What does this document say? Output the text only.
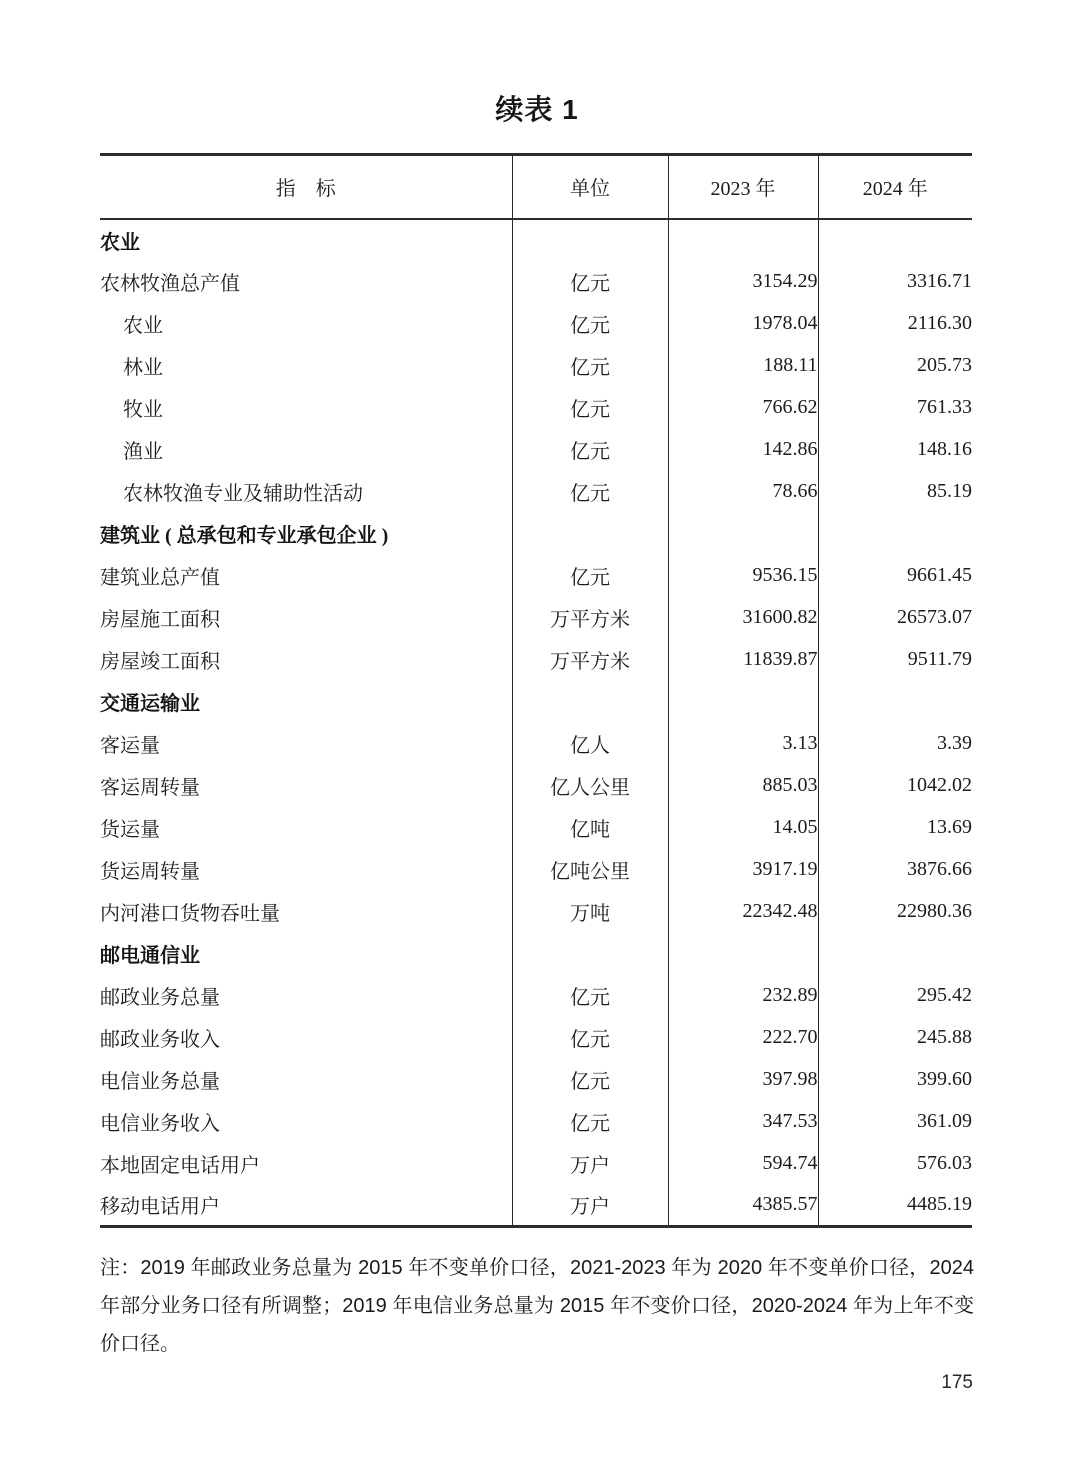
续表 1
指　标	单位	2023 年	2024 年
农业			
农林牧渔总产值	亿元	3154.29	3316.71
农业	亿元	1978.04	2116.30
林业	亿元	188.11	205.73
牧业	亿元	766.62	761.33
渔业	亿元	142.86	148.16
农林牧渔专业及辅助性活动	亿元	78.66	85.19
建筑业 ( 总承包和专业承包企业 )			
建筑业总产值	亿元	9536.15	9661.45
房屋施工面积	万平方米	31600.82	26573.07
房屋竣工面积	万平方米	11839.87	9511.79
交通运输业			
客运量	亿人	3.13	3.39
客运周转量	亿人公里	885.03	1042.02
货运量	亿吨	14.05	13.69
货运周转量	亿吨公里	3917.19	3876.66
内河港口货物吞吐量	万吨	22342.48	22980.36
邮电通信业			
邮政业务总量	亿元	232.89	295.42
邮政业务收入	亿元	222.70	245.88
电信业务总量	亿元	397.98	399.60
电信业务收入	亿元	347.53	361.09
本地固定电话用户	万户	594.74	576.03
移动电话用户	万户	4385.57	4485.19
注：2019 年邮政业务总量为 2015 年不变单价口径，2021-2023 年为 2020 年不变单价口径，2024
年部分业务口径有所调整；2019 年电信业务总量为 2015 年不变价口径，2020-2024 年为上年不变
价口径。
175
